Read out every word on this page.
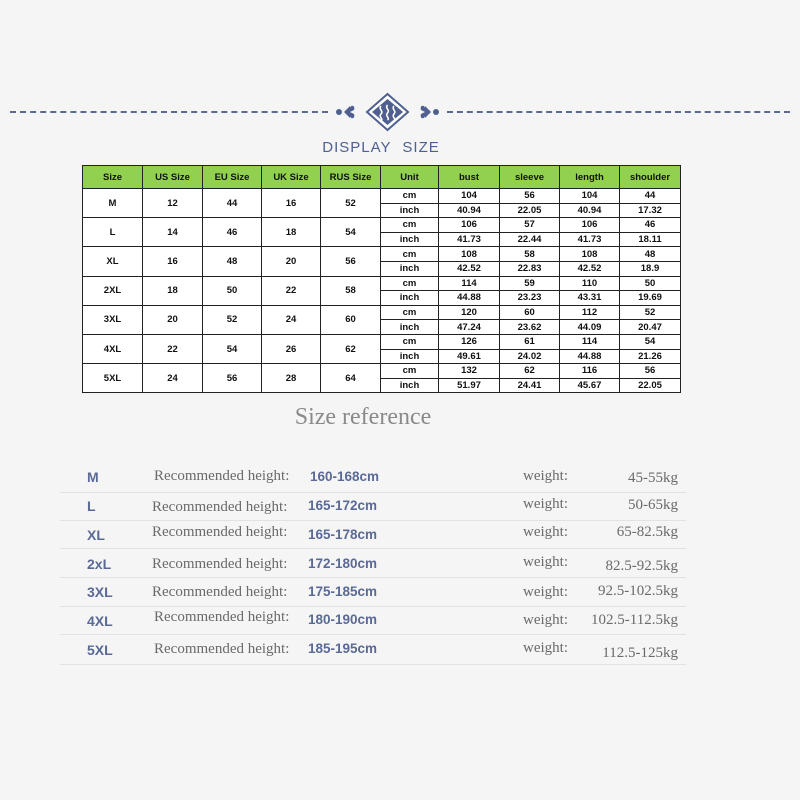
DISPLAY SIZE
Size	US Size	EU Size	UK Size	RUS Size	Unit	bust	sleeve	length	shoulder
M	12	44	16	52	cm	104	56	104	44
					inch	40.94	22.05	40.94	17.32
L	14	46	18	54	cm	106	57	106	46
					inch	41.73	22.44	41.73	18.11
XL	16	48	20	56	cm	108	58	108	48
					inch	42.52	22.83	42.52	18.9
2XL	18	50	22	58	cm	114	59	110	50
					inch	44.88	23.23	43.31	19.69
3XL	20	52	24	60	cm	120	60	112	52
					inch	47.24	23.62	44.09	20.47
4XL	22	54	26	62	cm	126	61	114	54
					inch	49.61	24.02	44.88	21.26
5XL	24	56	28	64	cm	132	62	116	56
					inch	51.97	24.41	45.67	22.05
Size reference
M	Recommended height: 160-168cm	weight:	45-55kg
L	Recommended height: 165-172cm	weight:	50-65kg
XL	Recommended height: 165-178cm	weight:	65-82.5kg
2xL	Recommended height: 172-180cm	weight:	82.5-92.5kg
3XL	Recommended height: 175-185cm	weight: 92.5-102.5kg
4XL	Recommended height: 180-190cm	weight: 102.5-112.5kg
5XL	Recommended height: 185-195cm	weight: 112.5-125kg
